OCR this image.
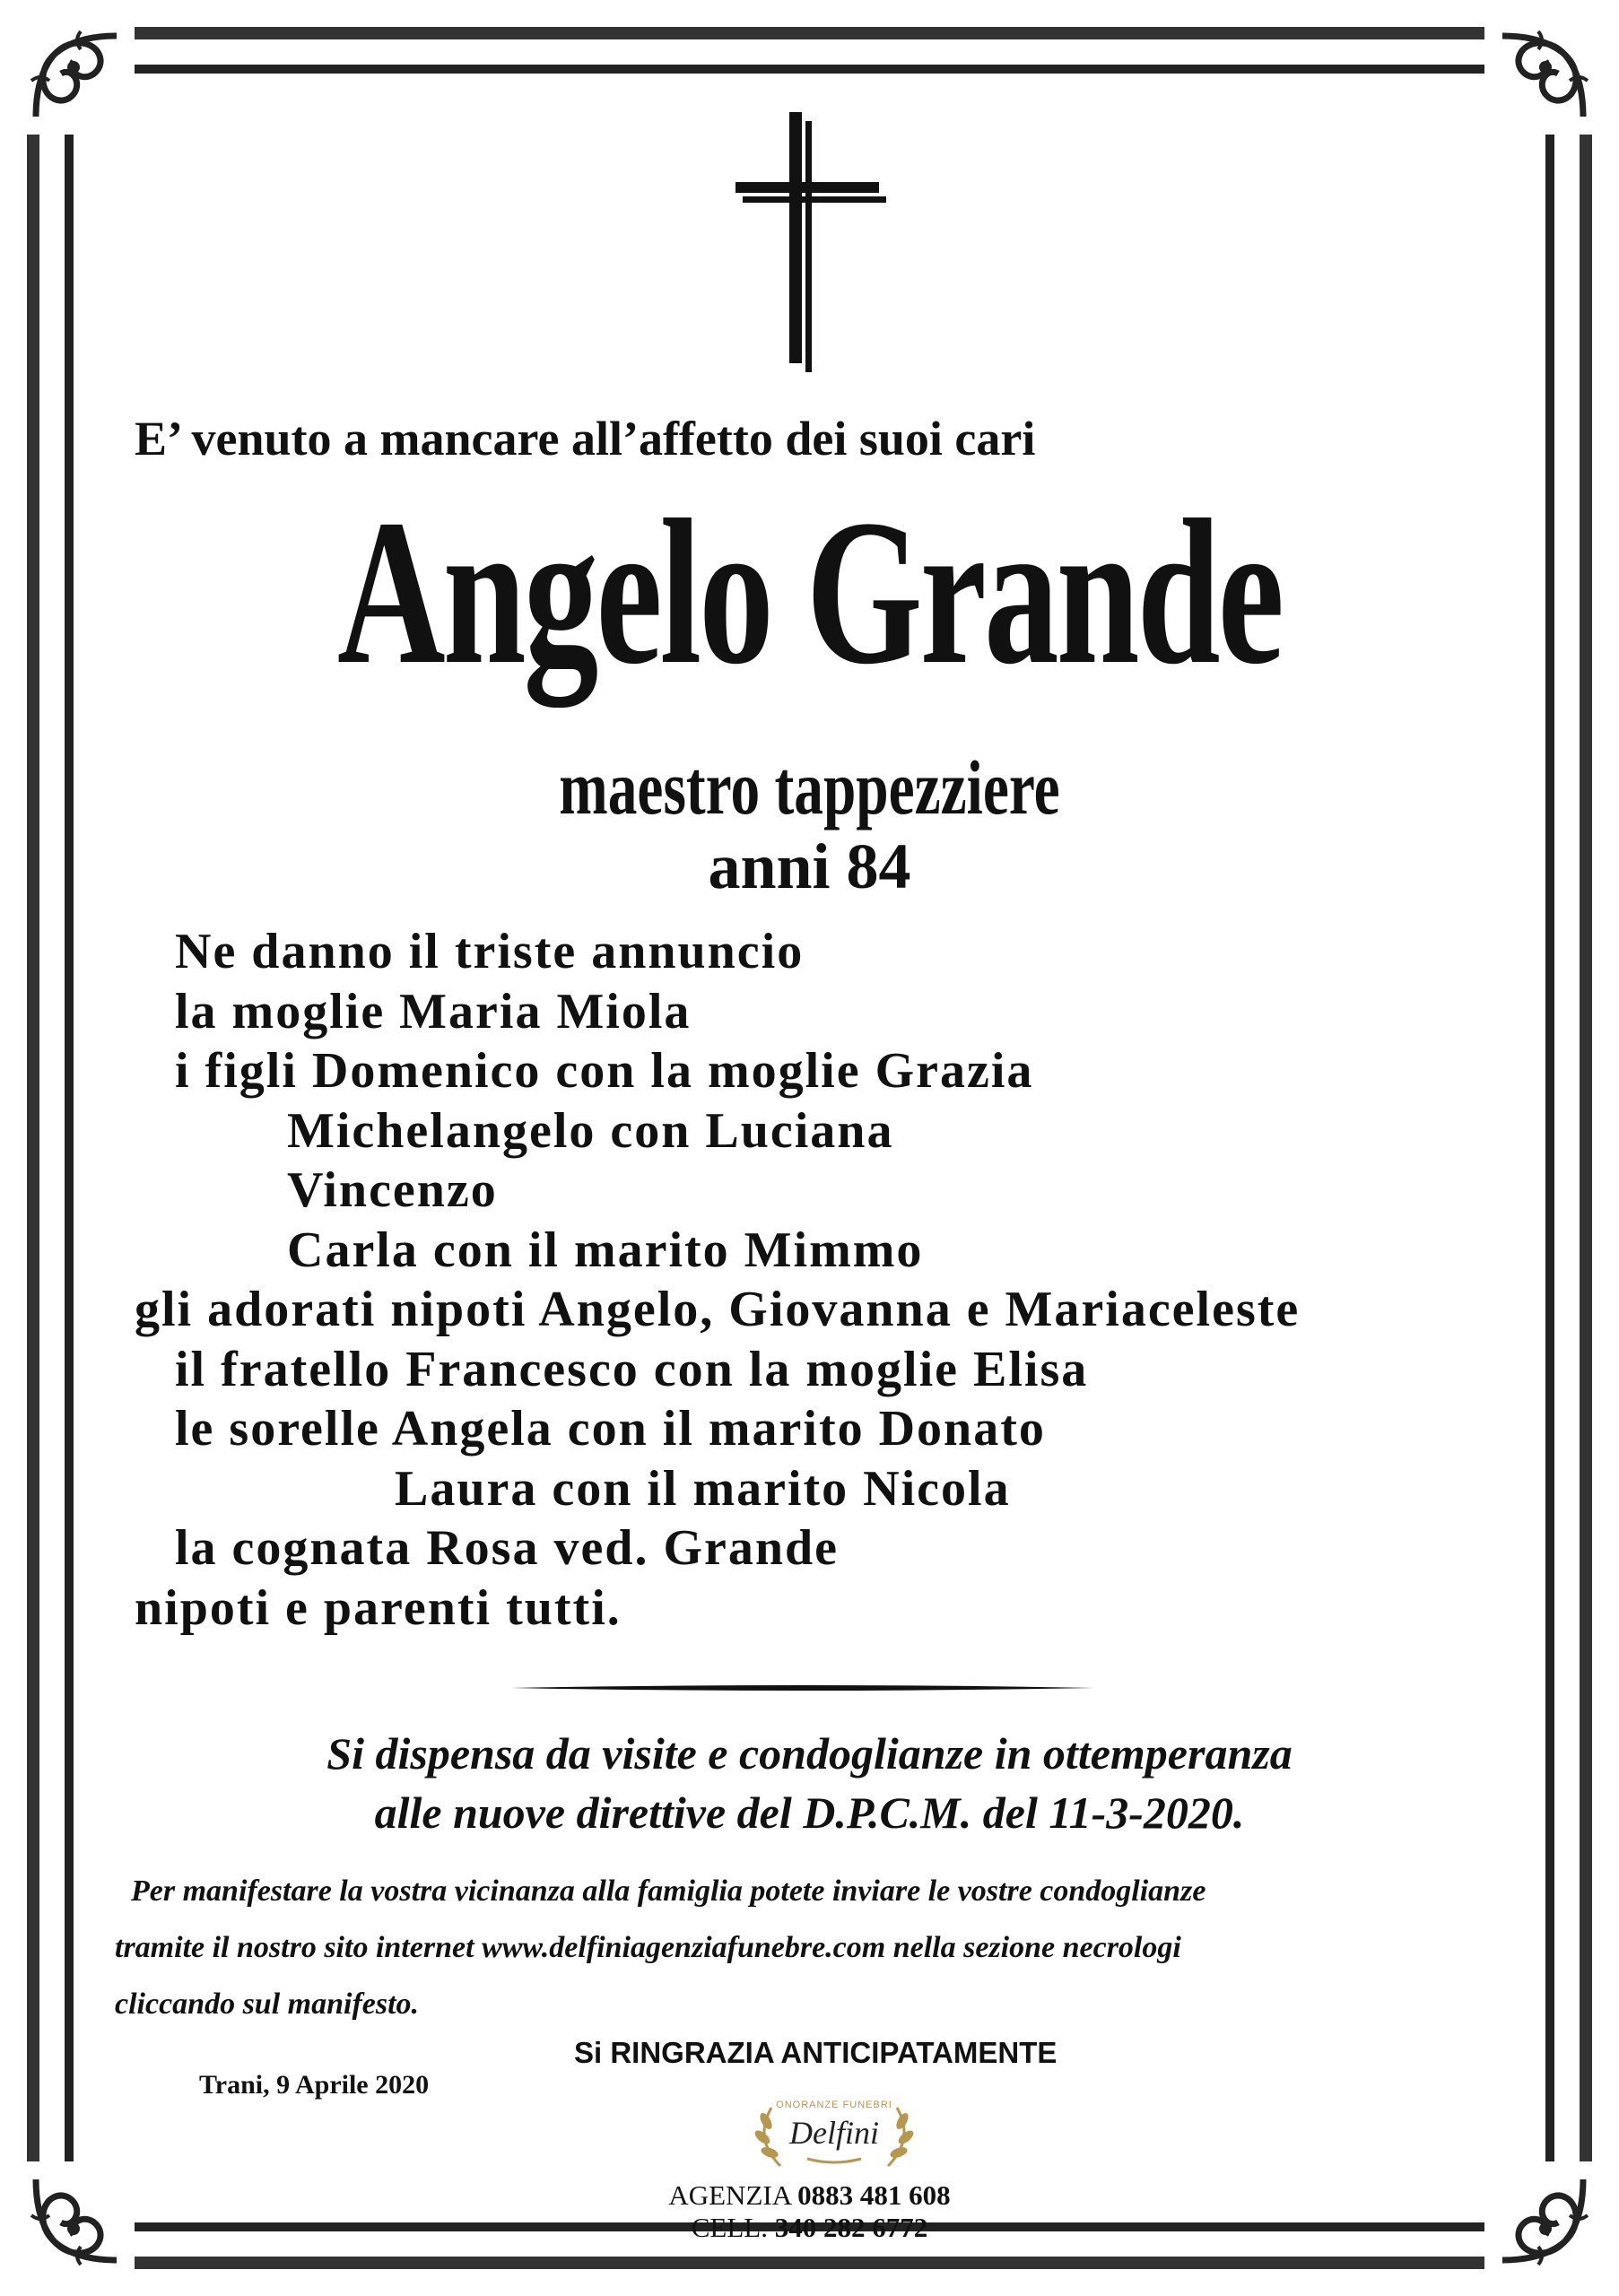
E’ venuto a mancare all’affetto dei suoi cari
Angelo Grande
maestro tappezziere
anni 84
Ne danno il triste annuncio
la moglie Maria Miola
i figli Domenico con la moglie Grazia
Michelangelo con Luciana
Vincenzo
Carla con il marito Mimmo
gli adorati nipoti Angelo, Giovanna e Mariaceleste
il fratello Francesco con la moglie Elisa
le sorelle Angela con il marito Donato
Laura con il marito Nicola
la cognata Rosa ved. Grande
nipoti e parenti tutti.
Si dispensa da visite e condoglianze in ottemperanza
alle nuove direttive del D.P.C.M. del 11-3-2020.
Per manifestare la vostra vicinanza alla famiglia potete inviare le vostre condoglianze
tramite il nostro sito internet www.delfiniagenziafunebre.com nella sezione necrologi
cliccando sul manifesto.
Si RINGRAZIA ANTICIPATAMENTE
Trani, 9 Aprile 2020
ONORANZE FUNEBRI
Delfini
AGENZIA 0883 481 608
CELL. 340 282 6772
